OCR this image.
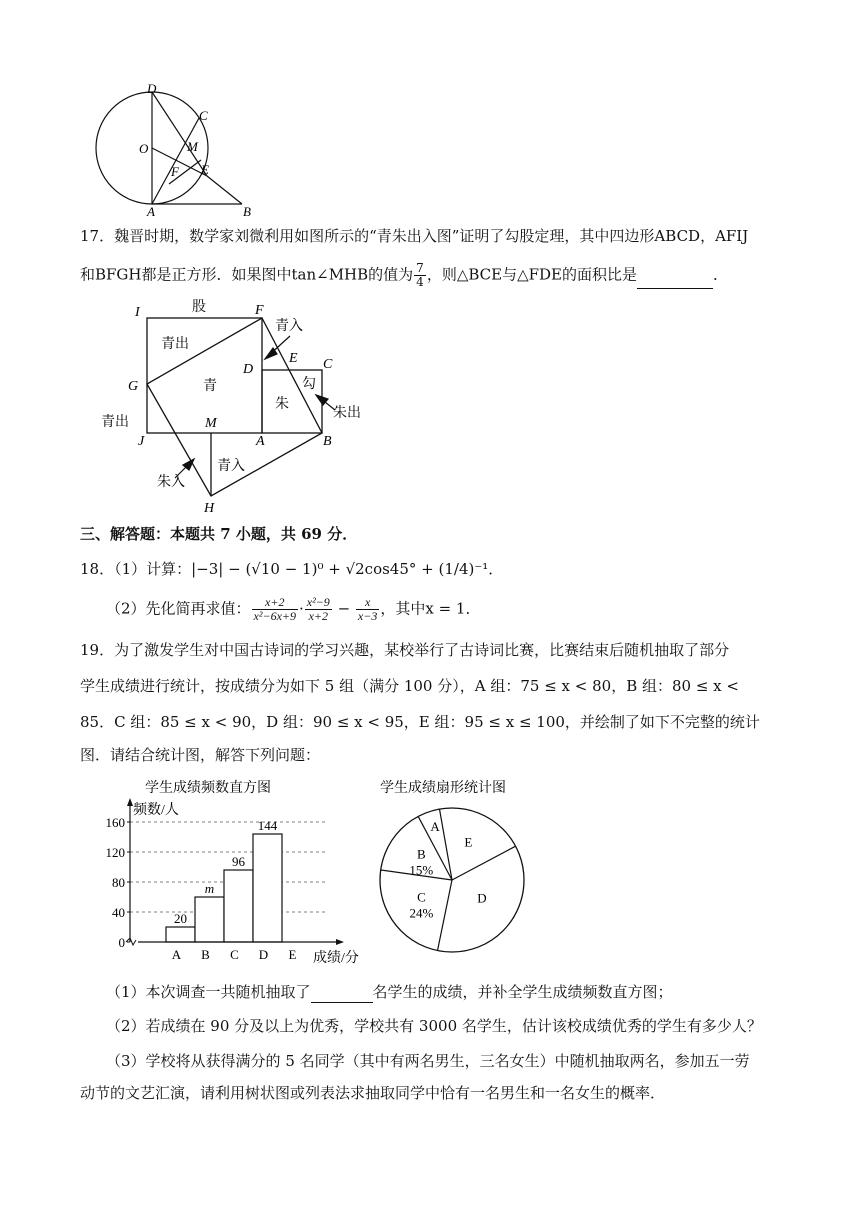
D
C
O	M
F E
A	B
17．魏晋时期，数学家刘微利用如图所示的“青朱出入图”证明了勾股定理，其中四边形ABCD，AFIJ
和BFGH都是正方形．如果图中tan∠MHB的值为 $\frac{7}{4}$ ，则△BCE与△FDE的面积比是	．
I	股	F
青入
青出
E C
D
勾
G	青
朱
朱出
青出	M
J	A	B
青入
朱入
H
三、解答题：本题共 7 小题，共 69 分．
18．（1）计算：|−3| − (√10 − 1)⁰ + √2cos45° + (1/4)⁻¹．
（2）先化简再求值： $\frac{x+2}{\text{x²−6x+9}} \cdot \frac{\text{x²−9}}{x+2} - \frac{x}{x-3}$ ，其中x = 1．
19．为了激发学生对中国古诗词的学习兴趣，某校举行了古诗词比赛，比赛结束后随机抽取了部分
学生成绩进行统计，按成绩分为如下 5 组（满分 100 分），A 组：75 ≤ x < 80，B 组：80 ≤ x <
85．C 组：85 ≤ x < 90，D 组：90 ≤ x < 95，E 组：95 ≤ x ≤ 100，并绘制了如下不完整的统计
图．请结合统计图，解答下列问题：
学生成绩频数直方图
频数/人
成绩/分
0
40
80
120
160
A
20
B
m
C
96
D
144
E
学生成绩扇形统计图
E
D
C
24%
B
15%
A
（1）本次调查一共随机抽取了	名学生的成绩，并补全学生成绩频数直方图；
（2）若成绩在 90 分及以上为优秀，学校共有 3000 名学生，估计该校成绩优秀的学生有多少人？
（3）学校将从获得满分的 5 名同学（其中有两名男生，三名女生）中随机抽取两名，参加五一劳
动节的文艺汇演，请利用树状图或列表法求抽取同学中恰有一名男生和一名女生的概率．
